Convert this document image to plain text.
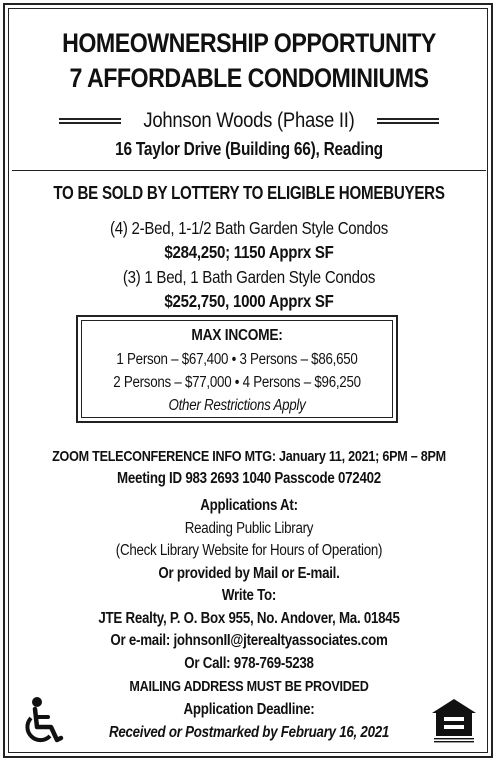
HOMEOWNERSHIP OPPORTUNITY
7 AFFORDABLE CONDOMINIUMS
Johnson Woods (Phase II)
16 Taylor Drive (Building 66), Reading
TO BE SOLD BY LOTTERY TO ELIGIBLE HOMEBUYERS
(4) 2-Bed, 1-1/2 Bath Garden Style Condos
$284,250; 1150 Apprx SF
(3) 1 Bed, 1 Bath Garden Style Condos
$252,750, 1000 Apprx SF
ZOOM TELECONFERENCE INFO MTG: January 11, 2021; 6PM – 8PM
Meeting ID 983 2693 1040 Passcode 072402
Applications At:
Reading Public Library
(Check Library Website for Hours of Operation)
Or provided by Mail or E-mail.
Write To:
JTE Realty, P. O. Box 955, No. Andover, Ma. 01845
Or e-mail: johnsonII@jterealtyassociates.com
Or Call: 978-769-5238
MAILING ADDRESS MUST BE PROVIDED
Application Deadline:
Received or Postmarked by February 16, 2021
MAX INCOME:
1 Person – $67,400 • 3 Persons – $86,650
2 Persons – $77,000 • 4 Persons – $96,250
Other Restrictions Apply
